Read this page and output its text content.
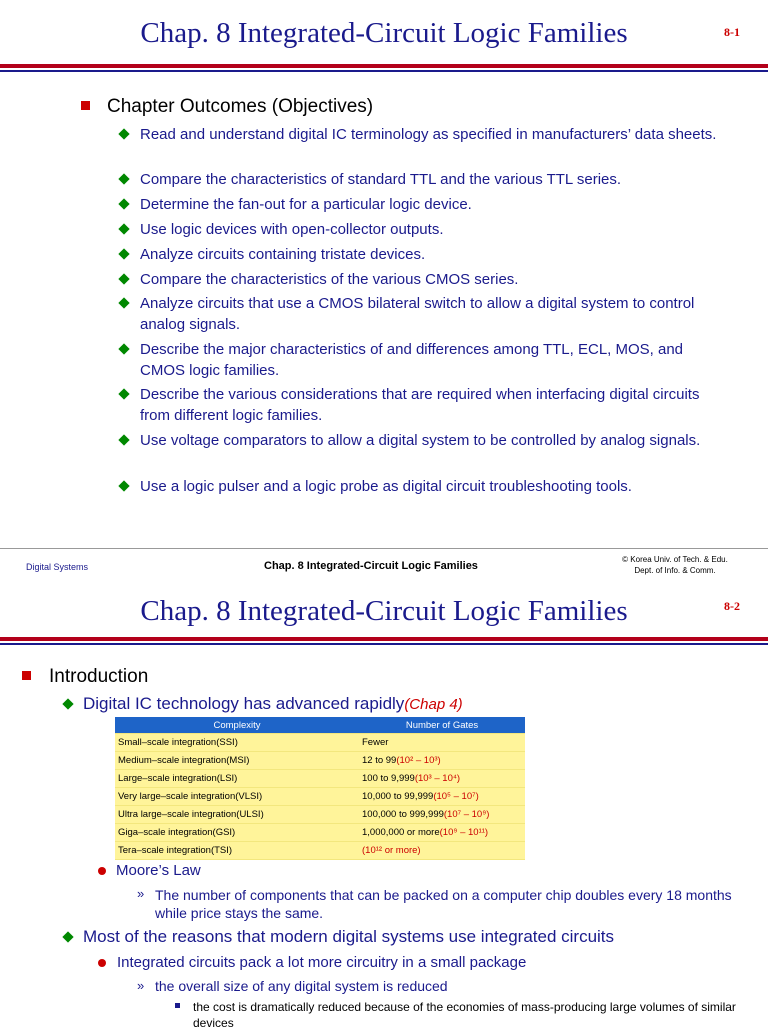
Chap. 8 Integrated-Circuit Logic Families	8-1
Chapter Outcomes (Objectives)
Read and understand digital IC terminology as specified in manufacturers’ data sheets.
Compare the characteristics of standard TTL and the various TTL series.
Determine the fan-out for a particular logic device.
Use logic devices with open-collector outputs.
Analyze circuits containing tristate devices.
Compare the characteristics of the various CMOS series.
Analyze circuits that use a CMOS bilateral switch to allow a digital system to control analog signals.
Describe the major characteristics of and differences among TTL, ECL, MOS, and CMOS logic families.
Describe the various considerations that are required when interfacing digital circuits from different logic families.
Use voltage comparators to allow a digital system to be controlled by analog signals.
Use a logic pulser and a logic probe as digital circuit troubleshooting tools.
Digital Systems	Chap. 8 Integrated-Circuit Logic Families
© Korea Univ. of Tech. & Edu.
Dept. of Info. & Comm.
Chap. 8 Integrated-Circuit Logic Families	8-2
Introduction
Digital IC technology has advanced rapidly(Chap 4)
Complexity	Number of Gates
Small–scale integration(SSI)	Fewer
Medium–scale integration(MSI)	12 to 99(10² – 10³)
Large–scale integration(LSI)	100 to 9,999(10³ – 10⁴)
Very large–scale integration(VLSI)	10,000 to 99,999(10⁵ – 10⁷)
Ultra large–scale integration(ULSI)	100,000 to 999,999(10⁷ – 10⁹)
Giga–scale integration(GSI)	1,000,000 or more(10⁹ – 10¹¹)
Tera–scale integration(TSI)	(10¹² or more)
Moore’s Law
» The number of components that can be packed on a computer chip doubles every 18 months while price stays the same.
Most of the reasons that modern digital systems use integrated circuits
Integrated circuits pack a lot more circuitry in a small package
» the overall size of any digital system is reduced
the cost is dramatically reduced because of the economies of mass-producing large volumes of similar devices
